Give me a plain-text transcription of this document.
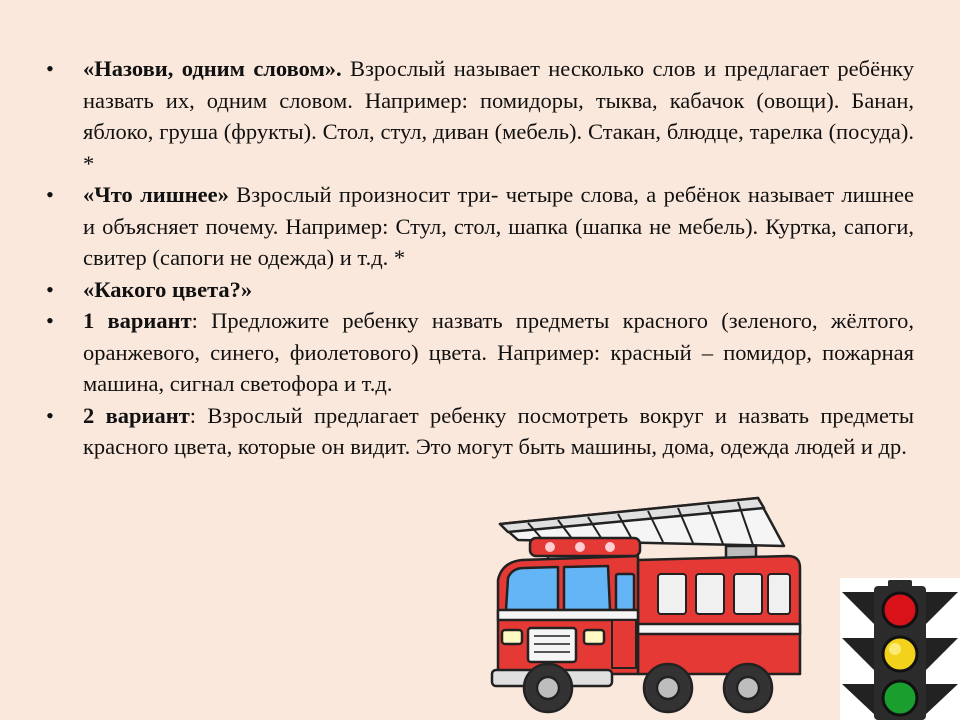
• «Назови, одним словом». Взрослый называет несколько слов и предлагает ребёнку назвать их, одним словом. Например: помидоры, тыква, кабачок (овощи). Банан, яблоко, груша (фрукты). Стол, стул, диван (мебель). Стакан, блюдце, тарелка (посуда). *
• «Что лишнее» Взрослый произносит три- четыре слова, а ребёнок называет лишнее и объясняет почему. Например: Стул, стол, шапка (шапка не мебель). Куртка, сапоги, свитер (сапоги не одежда) и т.д. *
• «Какого цвета?»
• 1 вариант: Предложите ребенку назвать предметы красного (зеленого, жёлтого, оранжевого, синего, фиолетового) цвета. Например: красный – помидор, пожарная машина, сигнал светофора и т.д.
• 2 вариант: Взрослый предлагает ребенку посмотреть вокруг и назвать предметы красного цвета, которые он видит. Это могут быть машины, дома, одежда людей и др.
